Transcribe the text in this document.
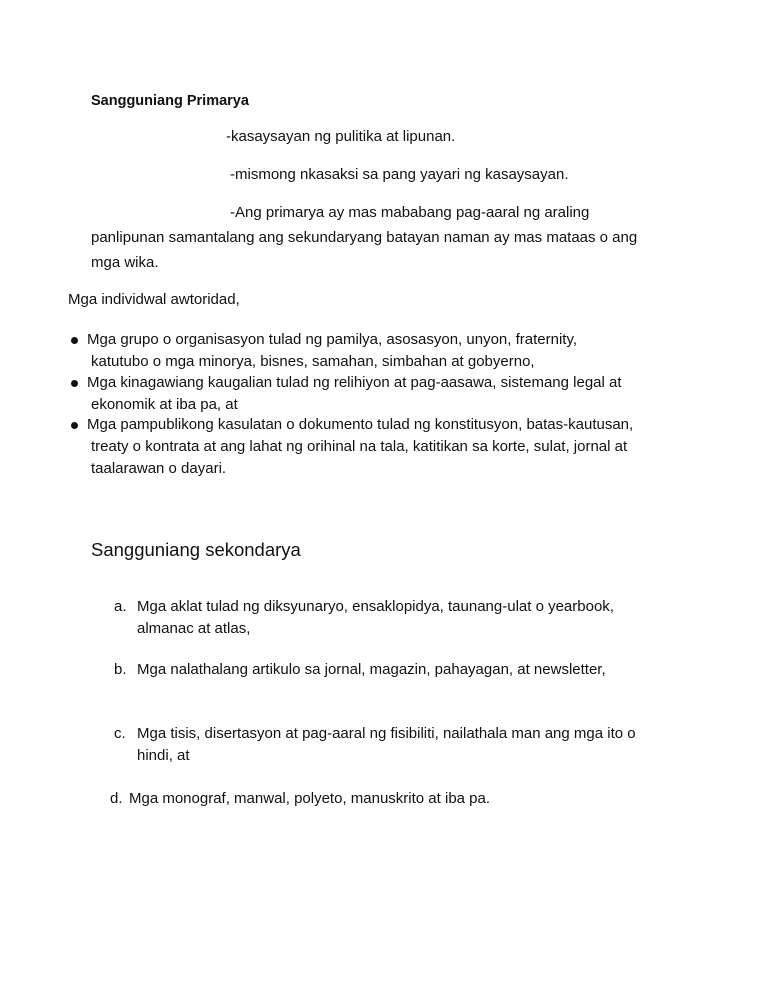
Sangguniang Primarya

-kasaysayan ng pulitika at lipunan.

-mismong nkasaksi sa pang yayari ng kasaysayan.

-Ang primarya ay mas mababang pag-aaral ng araling

panlipunan samantalang ang sekundaryang batayan naman ay mas mataas o ang

mga wika.

Mga individwal awtoridad,

Mga grupo o organisasyon tulad ng pamilya, asosasyon, unyon, fraternity,

katutubo o mga minorya, bisnes, samahan, simbahan at gobyerno,

Mga kinagawiang kaugalian tulad ng relihiyon at pag-aasawa, sistemang legal at

ekonomik at iba pa, at

Mga pampublikong kasulatan o dokumento tulad ng konstitusyon, batas-kautusan,

treaty o kontrata at ang lahat ng orihinal na tala, katitikan sa korte, sulat, jornal at

taalarawan o dayari.

Sangguniang sekondarya

a. Mga aklat tulad ng diksyunaryo, ensaklopidya, taunang-ulat o yearbook,

almanac at atlas,

b. Mga nalathalang artikulo sa jornal, magazin, pahayagan, at newsletter,

c. Mga tisis, disertasyon at pag-aaral ng fisibiliti, nailathala man ang mga ito o

hindi, at

d. Mga monograf, manwal, polyeto, manuskrito at iba pa.
